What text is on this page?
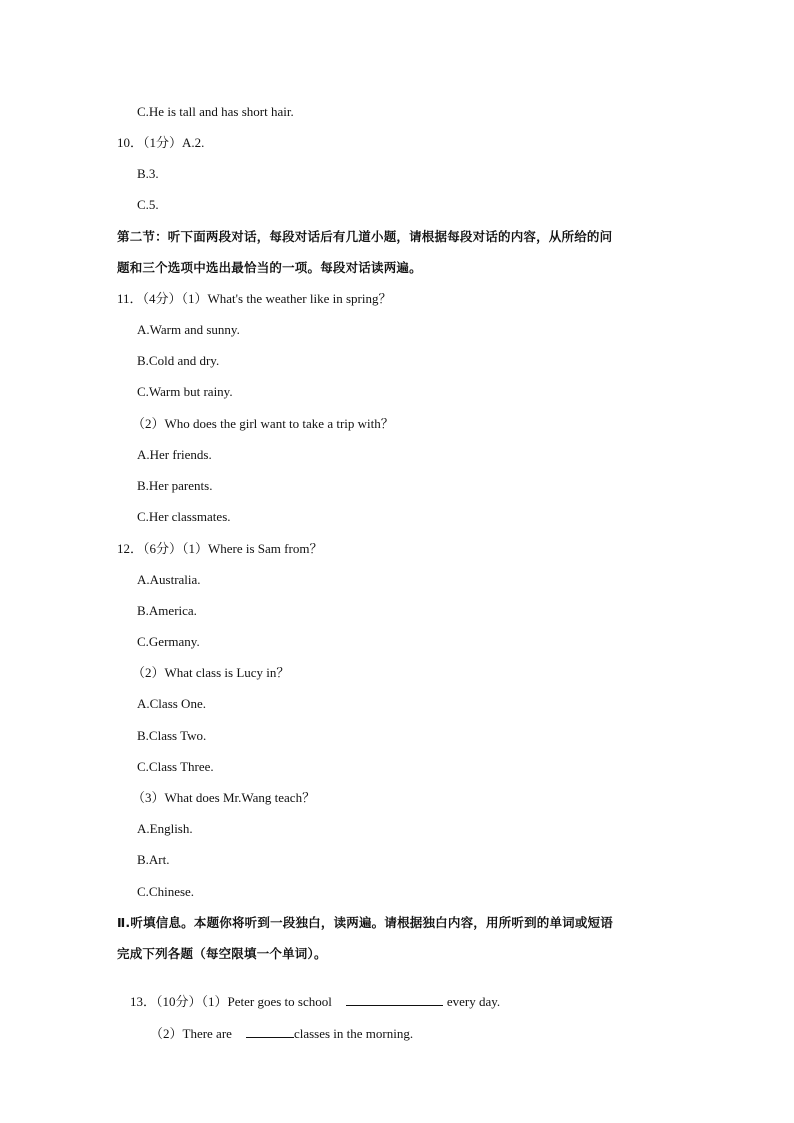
C.He is tall and has short hair.
10．（1分）A.2.
B.3.
C.5.
第二节：听下面两段对话，每段对话后有几道小题，请根据每段对话的内容，从所给的问
题和三个选项中选出最恰当的一项。每段对话读两遍。
11．（4分）（1）What's the weather like in spring？
A.Warm and sunny.
B.Cold and dry.
C.Warm but rainy.
（2）Who does the girl want to take a trip with？
A.Her friends.
B.Her parents.
C.Her classmates.
12．（6分）（1）Where is Sam from？
A.Australia.
B.America.
C.Germany.
（2）What class is Lucy in？
A.Class One.
B.Class Two.
C.Class Three.
（3）What does Mr.Wang teach？
A.English.
B.Art.
C.Chinese.
Ⅱ.听填信息。本题你将听到一段独白，读两遍。请根据独白内容，用所听到的单词或短语
完成下列各题（每空限填一个单词）。

13．（10分）（1）Peter goes to school	every day.

（2）There are	classes in the morning.
